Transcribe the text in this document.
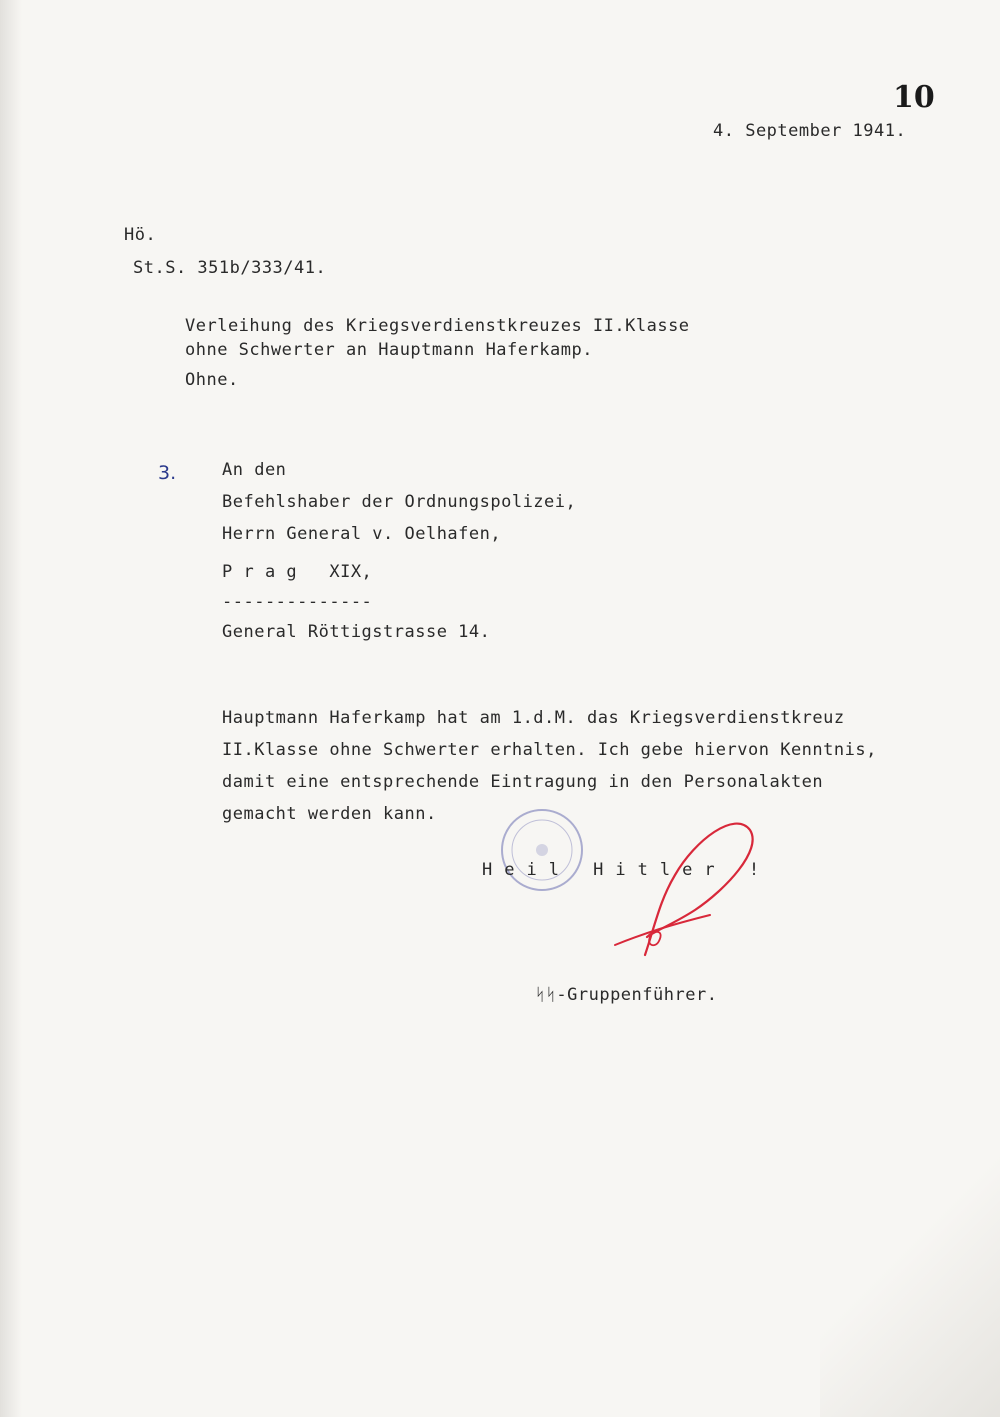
10
4. September 1941.
Hö.
St.S. 351b/333/41.
Verleihung des Kriegsverdienstkreuzes II.Klasse
ohne Schwerter an Hauptmann Haferkamp.
Ohne.
3.	An den
Befehlshaber der Ordnungspolizei,
Herrn General v. Oelhafen,
P r a g   XIX,
--------------
General Röttigstrasse 14.
Hauptmann Haferkamp hat am 1.d.M. das Kriegsverdienstkreuz
II.Klasse ohne Schwerter erhalten. Ich gebe hiervon Kenntnis,
damit eine entsprechende Eintragung in den Personalakten
gemacht werden kann.
Heil Hitler !
ᛋᛋ-Gruppenführer.
